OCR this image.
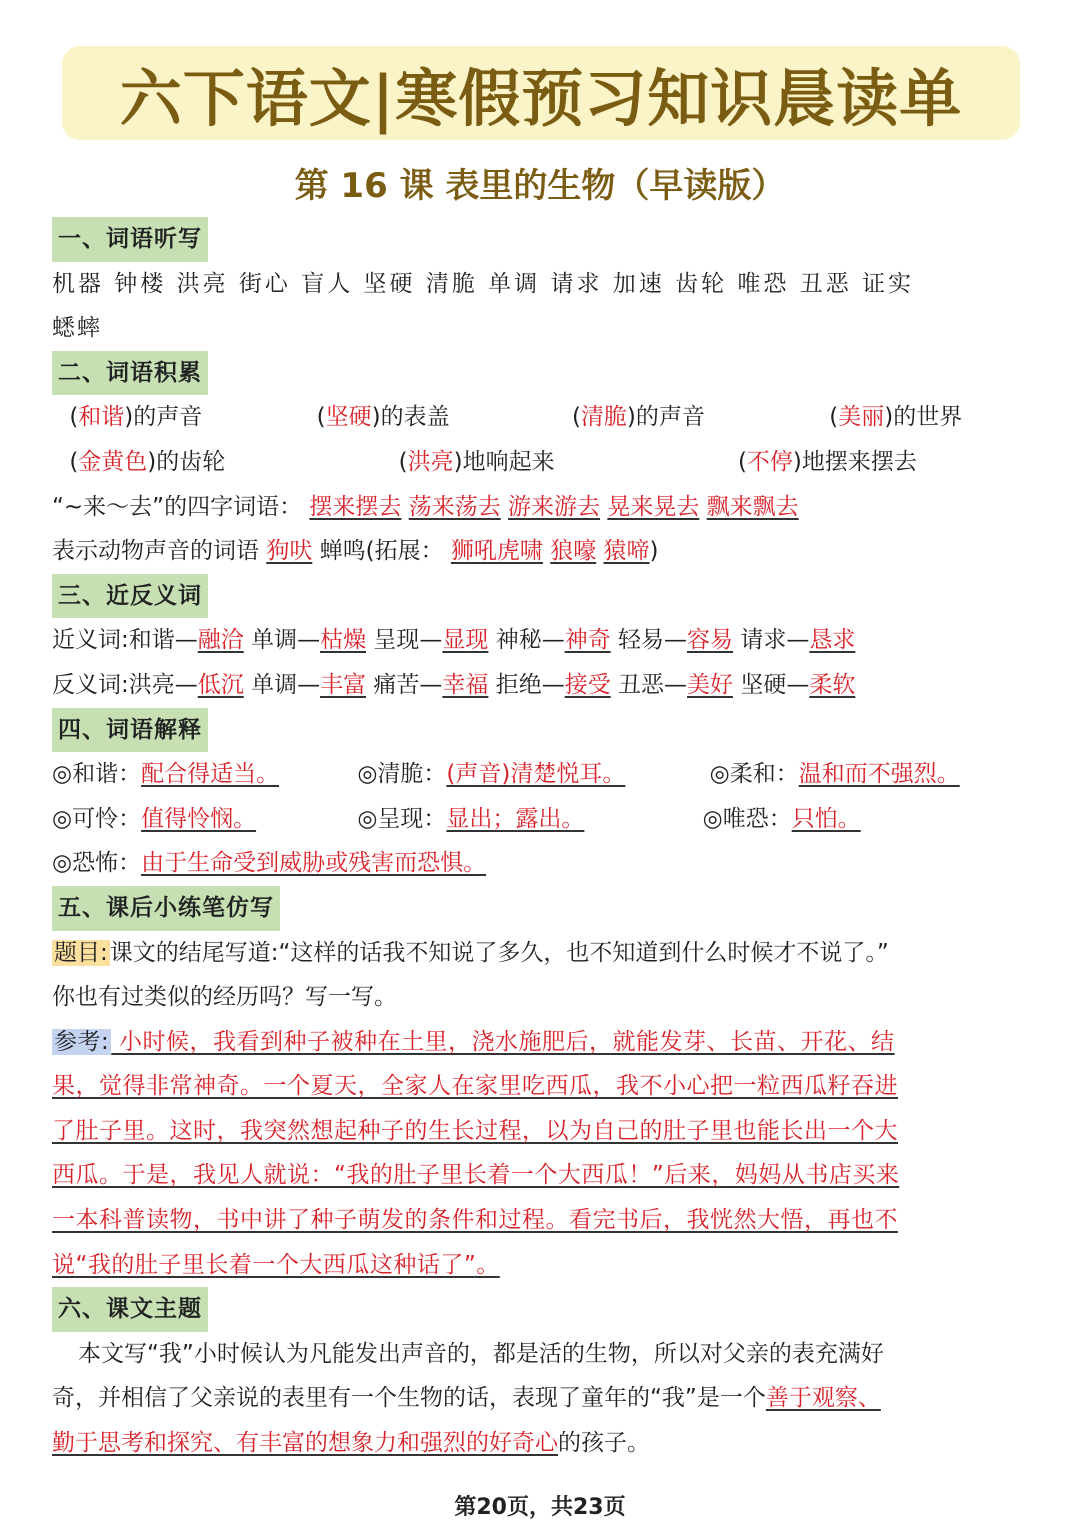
六下语文|寒假预习知识晨读单
第 16 课 表里的生物（早读版）
一、词语听写
机器 钟楼 洪亮 街心 盲人 坚硬 清脆 单调 请求 加速 齿轮 唯恐 丑恶 证实
蟋蟀
二、词语积累
(和谐)的声音	(坚硬)的表盖	(清脆)的声音	(美丽)的世界
(金黄色)的齿轮	(洪亮)地响起来	(不停)地摆来摆去
“~来～去”的四字词语： 摆来摆去 荡来荡去 游来游去 晃来晃去 飘来飘去
表示动物声音的词语 狗吠 蝉鸣(拓展： 狮吼虎啸 狼嚎 猿啼)
三、近反义词
近义词:和谐—融洽 单调—枯燥 呈现—显现 神秘—神奇 轻易—容易 请求—恳求
反义词:洪亮—低沉 单调—丰富 痛苦—幸福 拒绝—接受 丑恶—美好 坚硬—柔软
四、词语解释
◎和谐：配合得适当。	◎清脆：(声音)清楚悦耳。	◎柔和：温和而不强烈。
◎可怜：值得怜悯。	◎呈现：显出；露出。	◎唯恐：只怕。
◎恐怖：由于生命受到威胁或残害而恐惧。
五、课后小练笔仿写
题目:课文的结尾写道:“这样的话我不知说了多久，也不知道到什么时候才不说了。”
你也有过类似的经历吗？写一写。
参考: 小时候，我看到种子被种在土里，浇水施肥后，就能发芽、长苗、开花、结
果，觉得非常神奇。一个夏天，全家人在家里吃西瓜，我不小心把一粒西瓜籽吞进
了肚子里。这时，我突然想起种子的生长过程，以为自己的肚子里也能长出一个大
西瓜。于是，我见人就说：“我的肚子里长着一个大西瓜！”后来，妈妈从书店买来
一本科普读物，书中讲了种子萌发的条件和过程。看完书后，我恍然大悟，再也不
说“我的肚子里长着一个大西瓜这种话了”。
六、课文主题
本文写“我”小时候认为凡能发出声音的，都是活的生物，所以对父亲的表充满好
奇，并相信了父亲说的表里有一个生物的话，表现了童年的“我”是一个善于观察、
勤于思考和探究、有丰富的想象力和强烈的好奇心的孩子。
第20页，共23页
